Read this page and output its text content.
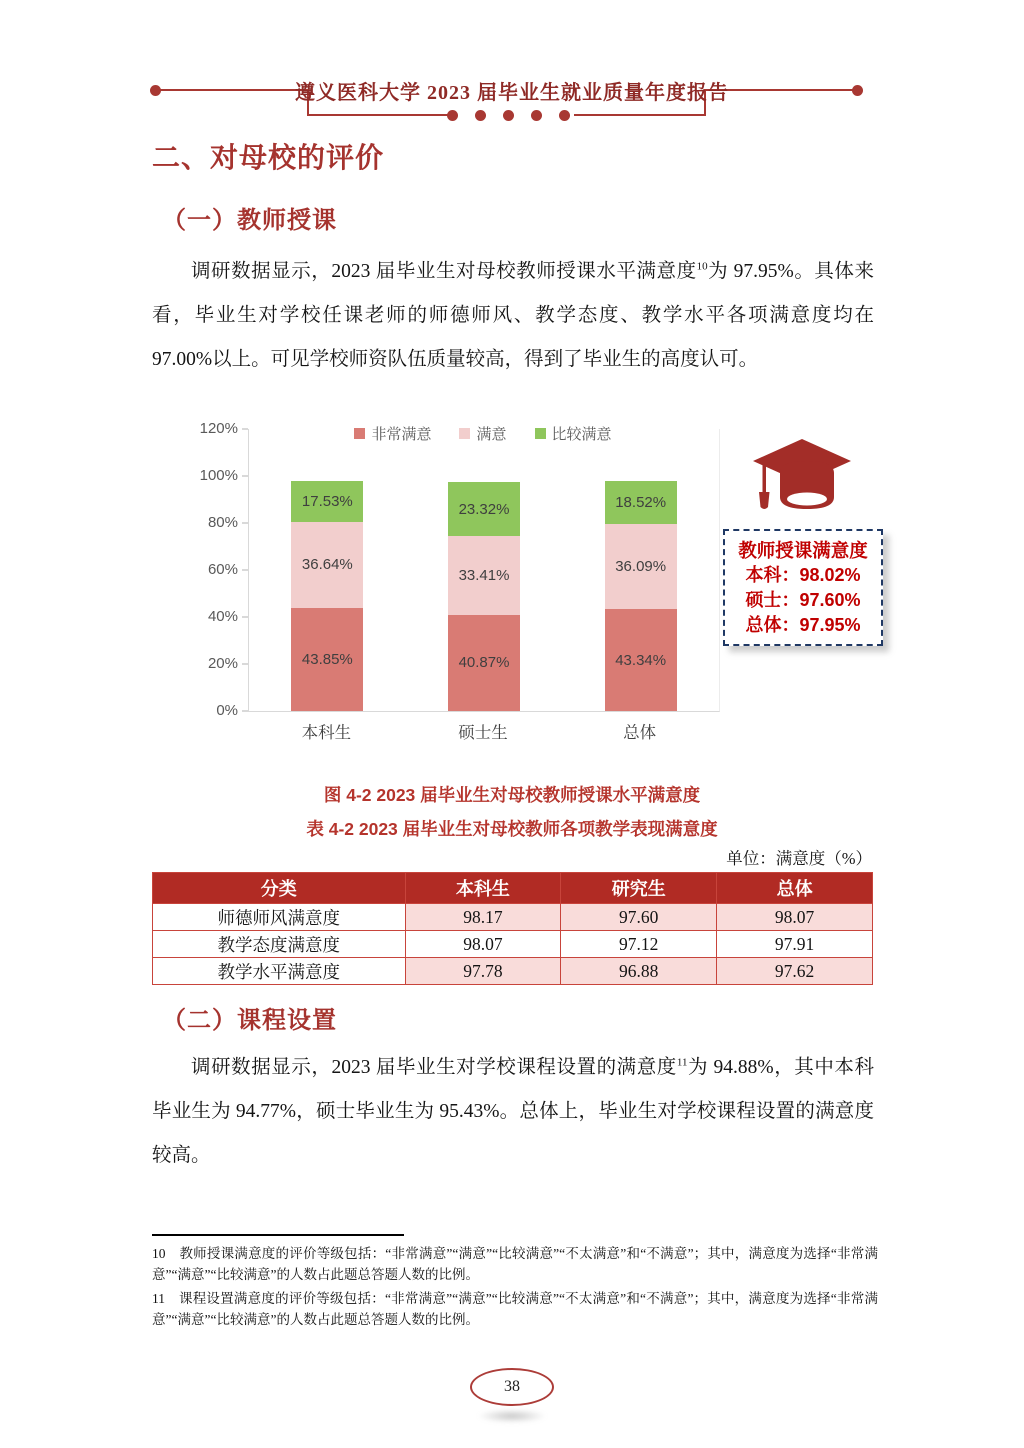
遵义医科大学 2023 届毕业生就业质量年度报告
二、对母校的评价
（一）教师授课
调研数据显示，2023 届毕业生对母校教师授课水平满意度$^{10}$为 97.95%。具体来看，毕业生对学校任课老师的师德师风、教学态度、教学水平各项满意度均在 97.00%以上。可见学校师资队伍质量较高，得到了毕业生的高度认可。
非常满意	满意	比较满意
0%
20%
40%
60%
80%
100%
120%
43.85%
36.64%
17.53%
40.87%
33.41%
23.32%
43.34%
36.09%
18.52%
本科生	硕士生	总体
教师授课满意度
本科：98.02%
硕士：97.60%
总体：97.95%
图 4-2 2023 届毕业生对母校教师授课水平满意度
表 4-2 2023 届毕业生对母校教师各项教学表现满意度
单位：满意度（%）
分类	本科生	研究生	总体
师德师风满意度	98.17	97.60	98.07
教学态度满意度	98.07	97.12	97.91
教学水平满意度	97.78	96.88	97.62
（二）课程设置
调研数据显示，2023 届毕业生对学校课程设置的满意度$^{11}$为 94.88%，其中本科毕业生为 94.77%，硕士毕业生为 95.43%。总体上，毕业生对学校课程设置的满意度较高。

10　 教师授课满意度的评价等级包括：“非常满意”“满意”“比较满意”“不太满意”和“不满意”；其中，满意度为选择“非常满意”“满意”“比较满意”的人数占此题总答题人数的比例。

11　 课程设置满意度的评价等级包括：“非常满意”“满意”“比较满意”“不太满意”和“不满意”；其中，满意度为选择“非常满意”“满意”“比较满意”的人数占此题总答题人数的比例。

38
